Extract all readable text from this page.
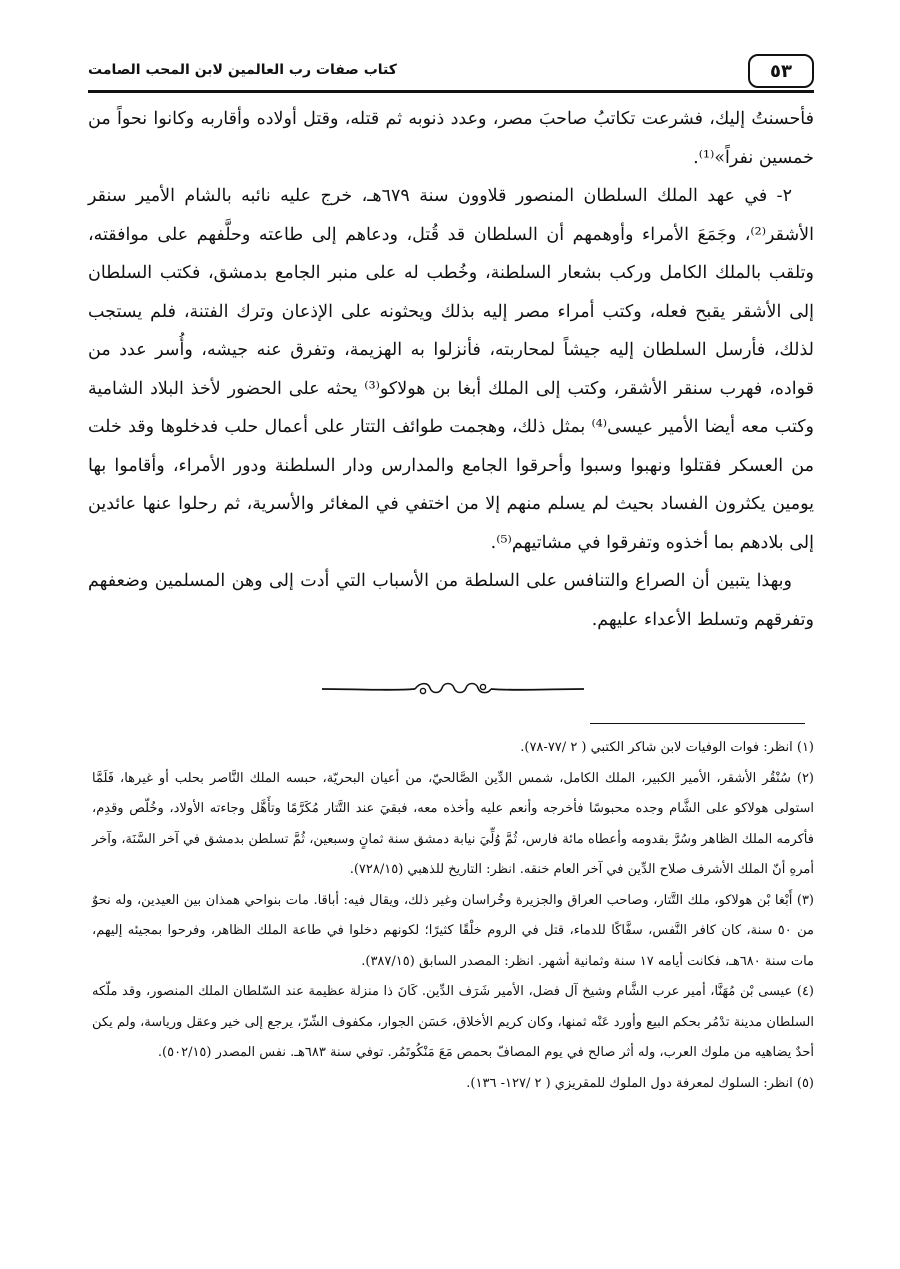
٥٣
كتاب صفات رب العالمين لابن المحب الصامت

فأحسنتُ إليك، فشرعت تكاتبُ صاحبَ مصر، وعدد ذنوبه ثم قتله، وقتل أولاده وأقاربه وكانوا نحواً من خمسين نفراً»⁽¹⁾.

٢- في عهد الملك السلطان المنصور قلاوون سنة ٦٧٩هـ، خرج عليه نائبه بالشام الأمير سنقر الأشقر⁽²⁾، وجَمَعَ الأمراء وأوهمهم أن السلطان قد قُتل، ودعاهم إلى طاعته وحلَّفهم على موافقته، وتلقب بالملك الكامل وركب بشعار السلطنة، وخُطب له على منبر الجامع بدمشق، فكتب السلطان إلى الأشقر يقبح فعله، وكتب أمراء مصر إليه بذلك ويحثونه على الإذعان وترك الفتنة، فلم يستجب لذلك، فأرسل السلطان إليه جيشاً لمحاربته، فأنزلوا به الهزيمة، وتفرق عنه جيشه، وأُسر عدد من قواده، فهرب سنقر الأشقر، وكتب إلى الملك أبغا بن هولاكو⁽³⁾ يحثه على الحضور لأخذ البلاد الشامية وكتب معه أيضا الأمير عيسى⁽⁴⁾ بمثل ذلك، وهجمت طوائف التتار على أعمال حلب فدخلوها وقد خلت من العسكر فقتلوا ونهبوا وسبوا وأحرقوا الجامع والمدارس ودار السلطنة ودور الأمراء، وأقاموا بها يومين يكثرون الفساد بحيث لم يسلم منهم إلا من اختفي في المغائر والأسرية، ثم رحلوا عنها عائدين إلى بلادهم بما أخذوه وتفرقوا في مشاتيهم⁽⁵⁾.

وبهذا يتبين أن الصراع والتنافس على السلطة من الأسباب التي أدت إلى وهن المسلمين وضعفهم وتفرقهم وتسلط الأعداء عليهم.

(١) انظر: فوات الوفيات لابن شاكر الكتبي ( ٢ /٧٧-٧٨).

(٢) سُنْقُر الأشقر، الأمير الكبير، الملك الكامل، شمس الدِّين الصَّالحيّ، من أعيان البحريّة، حبسه الملك النَّاصر بحلب أو غيرها، فَلَمَّا استولى هولاكو على الشَّام وجده محبوسًا فأخرجه وأنعم عليه وأخذه معه، فبقيَ عند التَّتار مُكَرَّمًا وتأَهَّل وجاءته الأولاد، وخُلّص وقدِم، فأكرمه الملك الظاهر وسُرَّ بقدومه وأعطاه مائة فارس، ثُمَّ وُلِّيَ نيابة دمشق سنة ثمانٍ وسبعين، ثُمَّ تسلطن بدمشق في آخر السَّنَة، وآخر أمرهِ أنّ الملك الأشرف صلاح الدِّين في آخر العام خنقه. انظر: التاريخ للذهبي (٧٢٨/١٥).

(٣) أَبْغا بْن هولاكو، ملك التَّتار، وصاحب العراق والجزيرة وخُراسان وغير ذلك، ويقال فيه: أباقا. مات بنواحي همذان بين العيدين، وله نحوٌ من ٥٠ سنة، كان كافر النَّفس، سفَّاكًا للدماء، قتل في الروم خلْقًا كثيرًا؛ لكونهم دخلوا في طاعة الملك الظاهر، وفرحوا بمجيئه إليهم، مات سنة ٦٨٠هـ، فكانت أيامه ١٧ سنة وثمانية أشهر. انظر: المصدر السابق (٣٨٧/١٥).

(٤) عيسى بْن مُهَنَّا، أمير عرب الشَّام وشيخ آل فضل، الأمير شَرَف الدِّين. كَانَ ذا منزلة عظيمة عند السّلطان الملك المنصور، وقد ملّكه السلطان مدينة تدْمُر بحكم البيع وأورد عَنْه ثمنها، وكان كريم الأخلاق، حَسَن الجوار، مكفوف الشّرّ، يرجع إلى خير وعقل ورياسة، ولم يكن أحدٌ يضاهيه من ملوك العرب، وله أثر صالح في يوم المصافّ بحمص مَعَ مَنْكُوتَمُر. توفي سنة ٦٨٣هـ. نفس المصدر (٥٠٢/١٥).

(٥) انظر: السلوك لمعرفة دول الملوك للمقريزي ( ٢ /١٢٧- ١٣٦).
